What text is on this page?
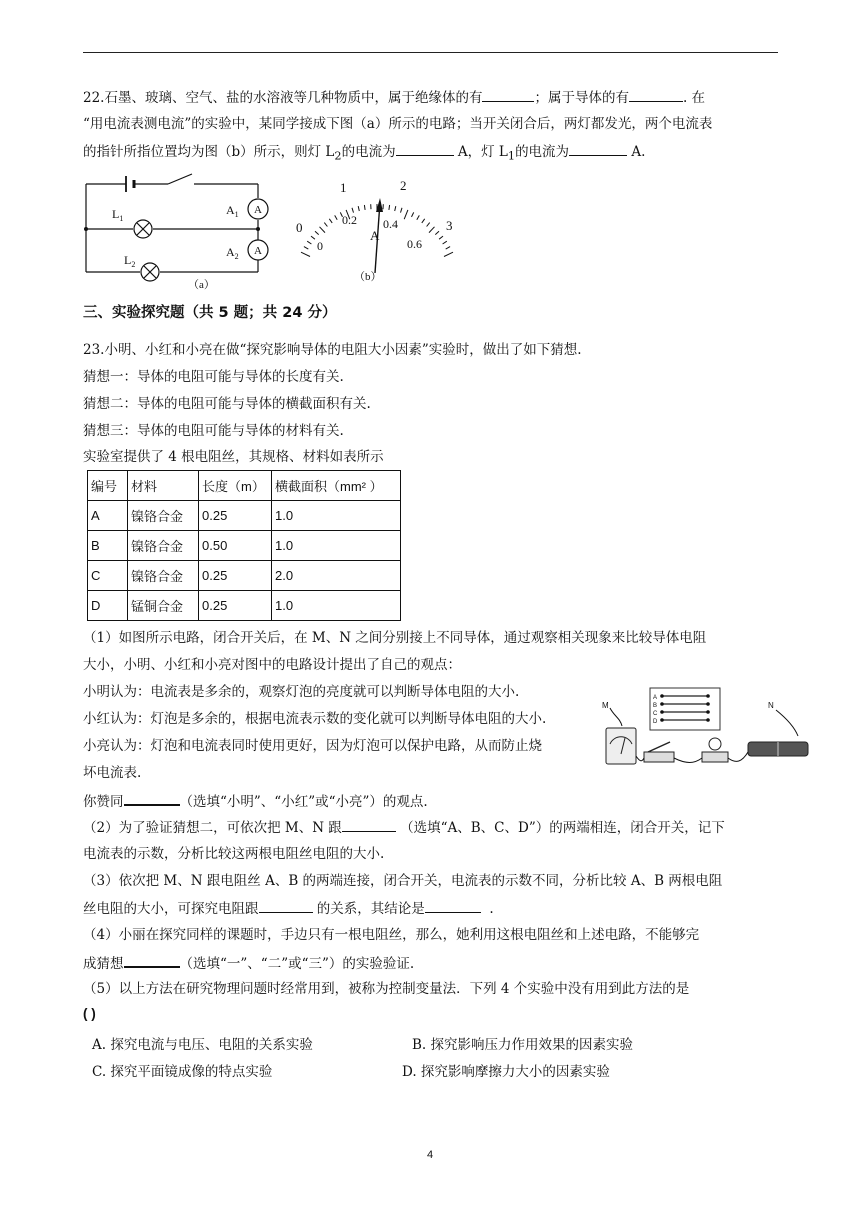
22.石墨、玻璃、空气、盐的水溶液等几种物质中，属于绝缘体的有	；属于导体的有	. 在
“用电流表测电流”的实验中，某同学接成下图（a）所示的电路；当开关闭合后，两灯都发光，两个电流表
的指针所指位置均为图（b）所示，则灯 $L_2$的电流为	A，灯 $L_1$的电流为	A.
$L_1$
$L_2$
$A_1$
$A_2$
A
A
（a）
1	2
0	3
0.2 0.4
0	0.6
A
（b）
三、实验探究题（共 5 题；共 24 分）
23.小明、小红和小亮在做“探究影响导体的电阻大小因素”实验时，做出了如下猜想.
猜想一：导体的电阻可能与导体的长度有关.
猜想二：导体的电阻可能与导体的横截面积有关.
猜想三：导体的电阻可能与导体的材料有关.
实验室提供了 4 根电阻丝，其规格、材料如表所示
编号	材料	长度（m）	横截面积（mm² ）
A	镍铬合金	0.25	1.0
B	镍铬合金	0.50	1.0
C	镍铬合金	0.25	2.0
D	锰铜合金	0.25	1.0
（1）如图所示电路，闭合开关后，在 M、N 之间分别接上不同导体，通过观察相关现象来比较导体电阻
大小，小明、小红和小亮对图中的电路设计提出了自己的观点：
小明认为：电流表是多余的，观察灯泡的亮度就可以判断导体电阻的大小.
小红认为：灯泡是多余的，根据电流表示数的变化就可以判断导体电阻的大小.
小亮认为：灯泡和电流表同时使用更好，因为灯泡可以保护电路，从而防止烧
坏电流表.
A
B
C
D
M	N
你赞同	（选填“小明”、“小红”或“小亮”）的观点.
（2）为了验证猜想二，可依次把 M、N 跟	（选填“A、B、C、D”）的两端相连，闭合开关，记下
电流表的示数，分析比较这两根电阻丝电阻的大小.
（3）依次把 M、N 跟电阻丝 A、B 的两端连接，闭合开关，电流表的示数不同，分析比较 A、B 两根电阻
丝电阻的大小，可探究电阻跟	的关系，其结论是	.
（4）小丽在探究同样的课题时，手边只有一根电阻丝，那么，她利用这根电阻丝和上述电路，不能够完
成猜想	（选填“一”、“二”或“三”）的实验验证.
（5）以上方法在研究物理问题时经常用到，被称为控制变量法．下列 4 个实验中没有用到此方法的是
( )
A. 探究电流与电压、电阻的关系实验	B. 探究影响压力作用效果的因素实验
C. 探究平面镜成像的特点实验	D. 探究影响摩擦力大小的因素实验
4
